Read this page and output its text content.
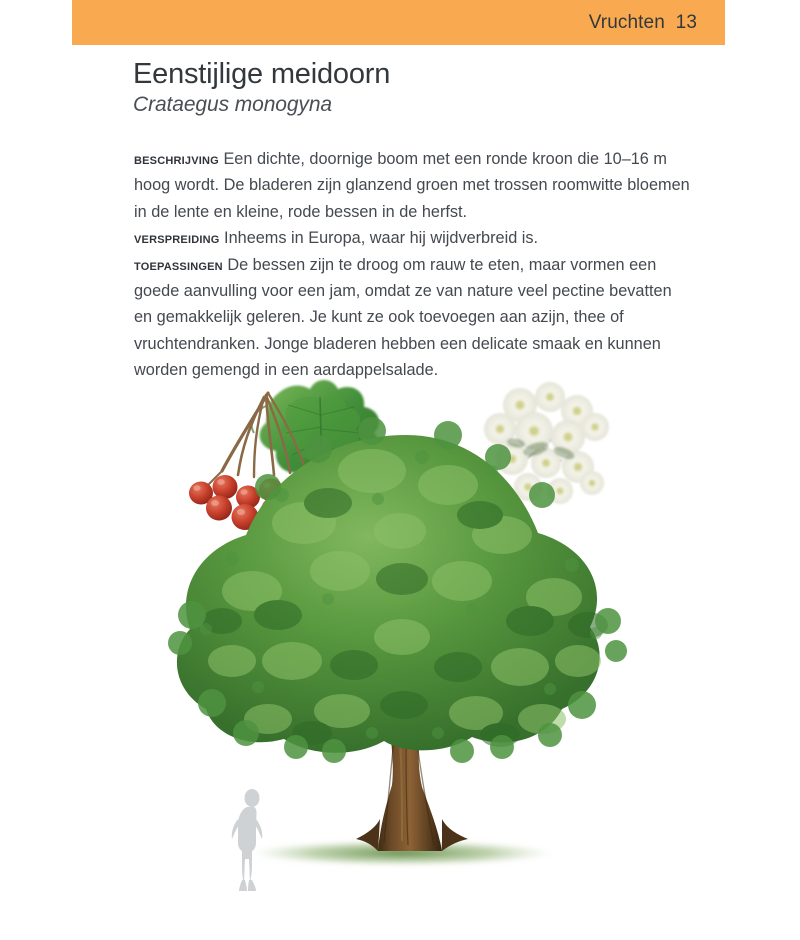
Vruchten 13
Eenstijlige meidoorn
Crataegus monogyna

beschrijving Een dichte, doornige boom met een ronde kroon die 10–16 m hoog wordt. De bladeren zijn glanzend groen met trossen roomwitte bloemen in de lente en kleine, rode bessen in de herfst.

verspreiding Inheems in Europa, waar hij wijdverbreid is.

toepassingen De bessen zijn te droog om rauw te eten, maar vormen een goede aanvulling voor een jam, omdat ze van nature veel pectine bevatten en gemakkelijk geleren. Je kunt ze ook toevoegen aan azijn, thee of vruchtendranken. Jonge bladeren hebben een delicate smaak en kunnen worden gemengd in een aardappelsalade.
